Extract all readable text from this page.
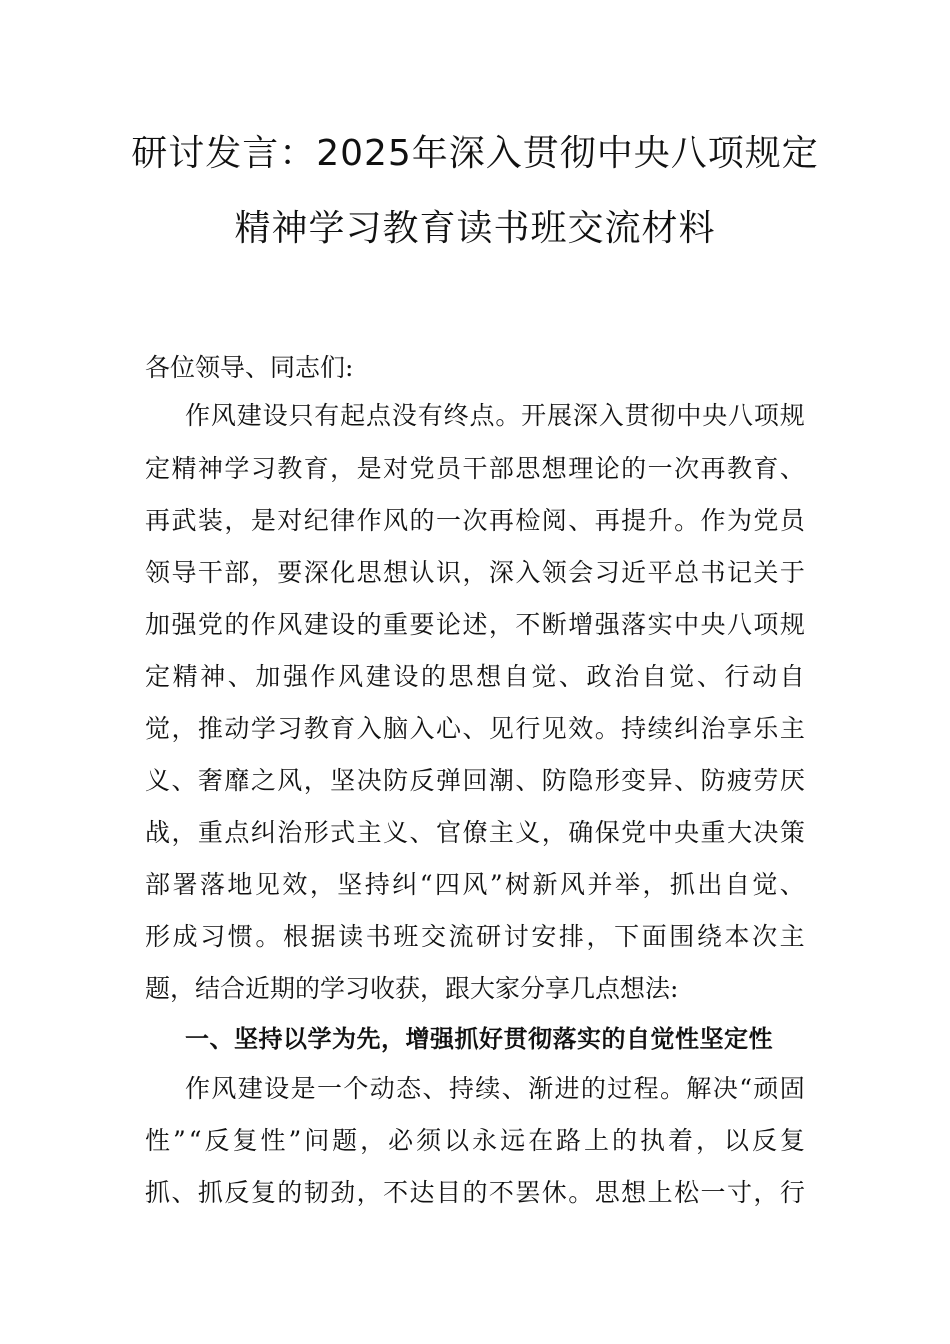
研讨发言：2025年深入贯彻中央八项规定
精神学习教育读书班交流材料
各位领导、同志们:
作 风 建 设 只 有 起 点 没 有 终 点 。 开 展 深 入 贯 彻 中 央 八 项 规
定 精 神 学 习 教 育 ， 是 对 党 员 干 部 思 想 理 论 的 一 次 再 教 育 、
再 武 装 ， 是 对 纪 律 作 风 的 一 次 再 检 阅 、 再 提 升 。 作 为 党 员
领 导 干 部 ， 要 深 化 思 想 认 识 ， 深 入 领 会 习 近 平 总 书 记 关 于
加 强 党 的 作 风 建 设 的 重 要 论 述 ， 不 断 增 强 落 实 中 央 八 项 规
定 精 神 、 加 强 作 风 建 设 的 思 想 自 觉 、 政 治 自 觉 、 行 动 自
觉 ， 推 动 学 习 教 育 入 脑 入 心 、 见 行 见 效 。 持 续 纠 治 享 乐 主
义 、 奢 靡 之 风 ， 坚 决 防 反 弹 回 潮 、 防 隐 形 变 异 、 防 疲 劳 厌
战 ， 重 点 纠 治 形 式 主 义 、 官 僚 主 义 ， 确 保 党 中 央 重 大 决 策
部 署 落 地 见 效 ， 坚 持 纠 “ 四 风 ” 树 新 风 并 举 ， 抓 出 自 觉 、
形 成 习 惯 。 根 据 读 书 班 交 流 研 讨 安 排 ， 下 面 围 绕 本 次 主
题，结合近期的学习收获，跟大家分享几点想法:
一、坚持以学为先，增强抓好贯彻落实的自觉性坚定性
作 风 建 设 是 一 个 动 态 、 持 续 、 渐 进 的 过 程 。 解 决 “ 顽 固
性 ” “ 反 复 性 ” 问 题 ， 必 须 以 永 远 在 路 上 的 执 着 ， 以 反 复
抓 、 抓 反 复 的 韧 劲 ， 不 达 目 的 不 罢 休 。 思 想 上 松 一 寸 ， 行
